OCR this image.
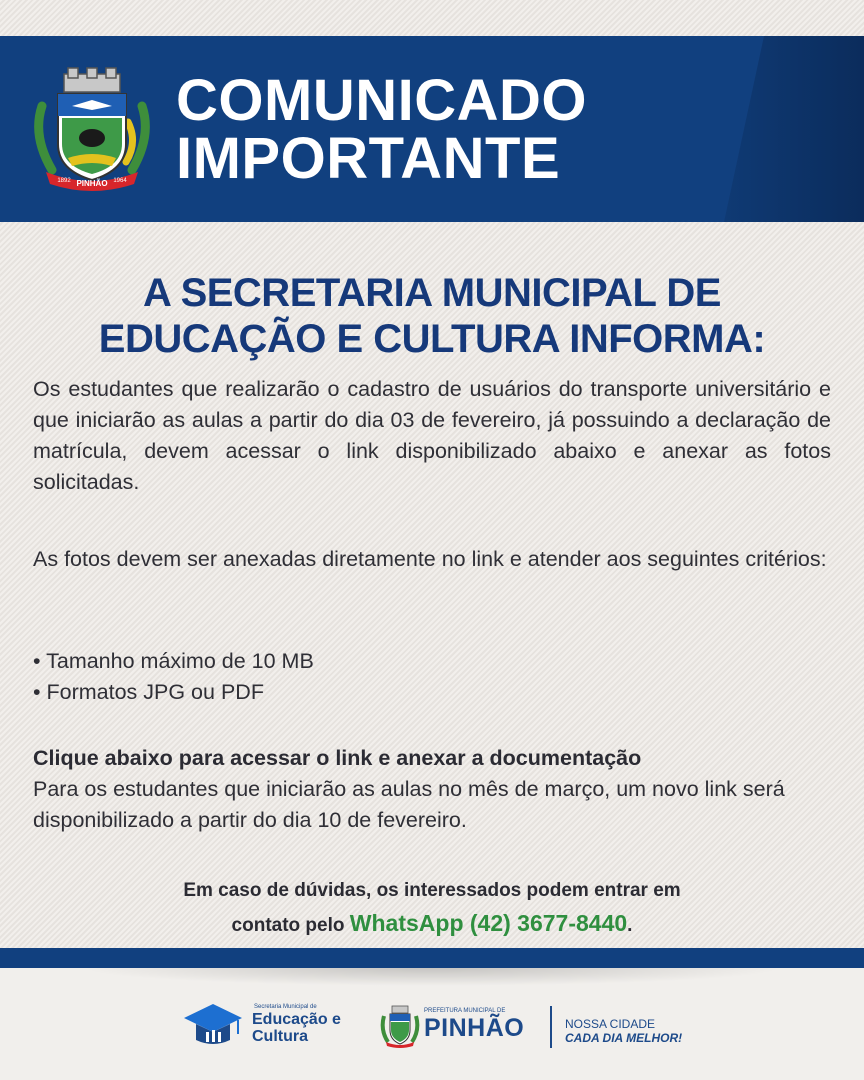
PINHÃO
1892	1964
COMUNICADO
IMPORTANTE
A SECRETARIA MUNICIPAL DE
EDUCAÇÃO E CULTURA INFORMA:
Os estudantes que realizarão o cadastro de usuários do transporte universitário e que iniciarão as aulas a partir do dia 03 de fevereiro, já possuindo a declaração de matrícula, devem acessar o link disponibilizado abaixo e anexar as fotos solicitadas.
As fotos devem ser anexadas diretamente no link e atender aos seguintes critérios:
• Tamanho máximo de 10 MB
• Formatos JPG ou PDF
Clique abaixo para acessar o link e anexar a documentação
Para os estudantes que iniciarão as aulas no mês de março, um novo link será disponibilizado a partir do dia 10 de fevereiro.
Em caso de dúvidas, os interessados podem entrar em
contato pelo WhatsApp (42) 3677-8440.
Secretaria Municipal de
Educação e
Cultura
PREFEITURA MUNICIPAL DE
PINHÃO	NOSSA CIDADE
CADA DIA MELHOR!
